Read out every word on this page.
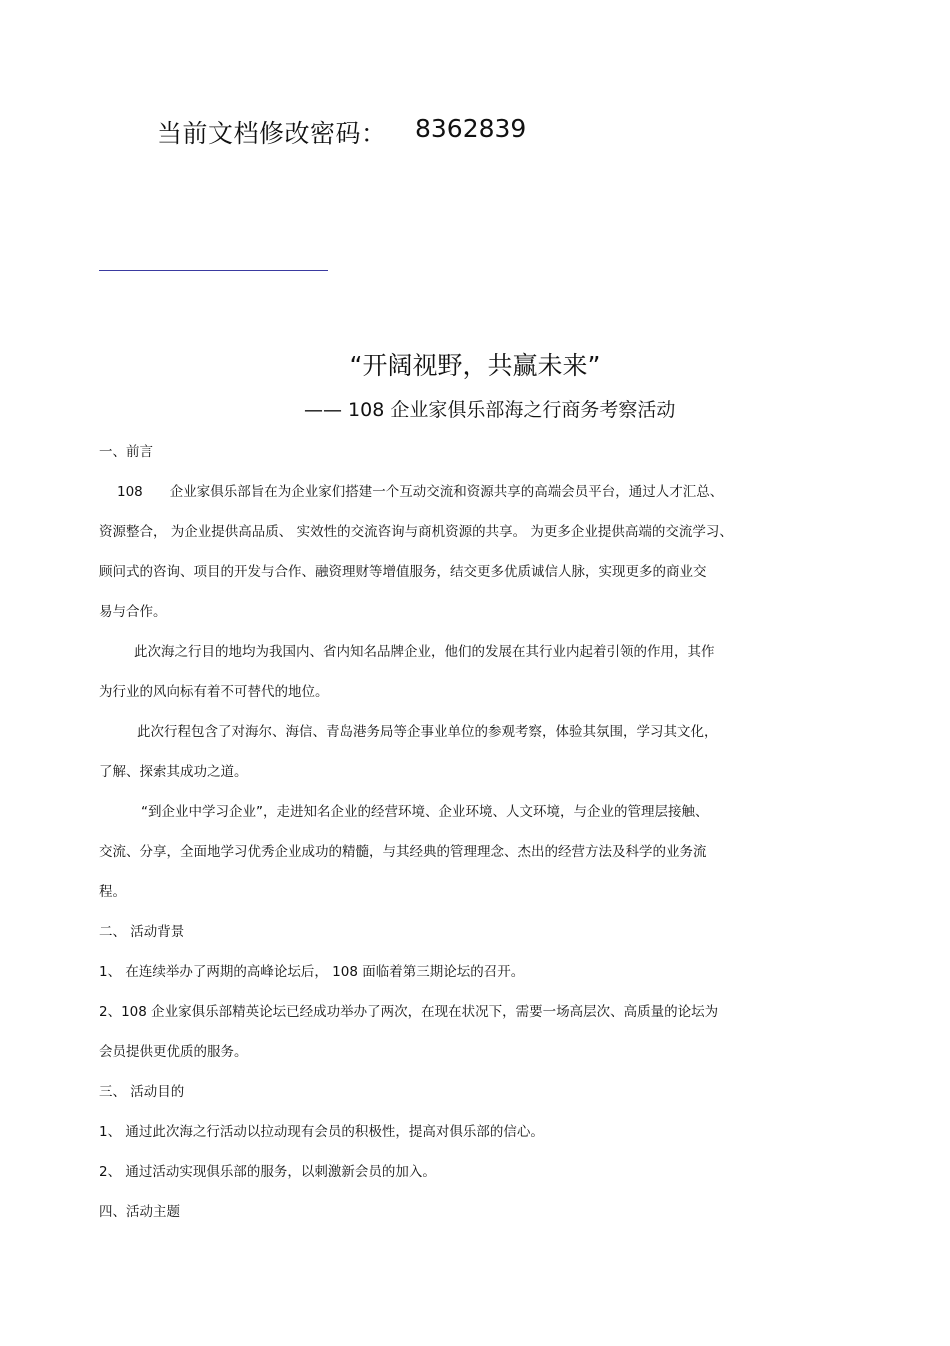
当前文档修改密码： 8362839
“开阔视野，共赢未来”
—— 108 企业家俱乐部海之行商务考察活动
一、前言
108　　企业家俱乐部旨在为企业家们搭建一个互动交流和资源共享的高端会员平台，通过人才汇总、
资源整合， 为企业提供高品质、 实效性的交流咨询与商机资源的共享。 为更多企业提供高端的交流学习、
顾问式的咨询、项目的开发与合作、融资理财等增值服务，结交更多优质诚信人脉，实现更多的商业交
易与合作。
此次海之行目的地均为我国内、省内知名品牌企业，他们的发展在其行业内起着引领的作用，其作
为行业的风向标有着不可替代的地位。
此次行程包含了对海尔、海信、青岛港务局等企事业单位的参观考察，体验其氛围，学习其文化，
了解、探索其成功之道。
“到企业中学习企业”，走进知名企业的经营环境、企业环境、人文环境，与企业的管理层接触、
交流、分享，全面地学习优秀企业成功的精髓，与其经典的管理理念、杰出的经营方法及科学的业务流
程。
二、 活动背景
1、 在连续举办了两期的高峰论坛后， 108 面临着第三期论坛的召开。
2、108 企业家俱乐部精英论坛已经成功举办了两次，在现在状况下，需要一场高层次、高质量的论坛为
会员提供更优质的服务。
三、 活动目的
1、 通过此次海之行活动以拉动现有会员的积极性，提高对俱乐部的信心。
2、 通过活动实现俱乐部的服务，以刺激新会员的加入。
四、活动主题
